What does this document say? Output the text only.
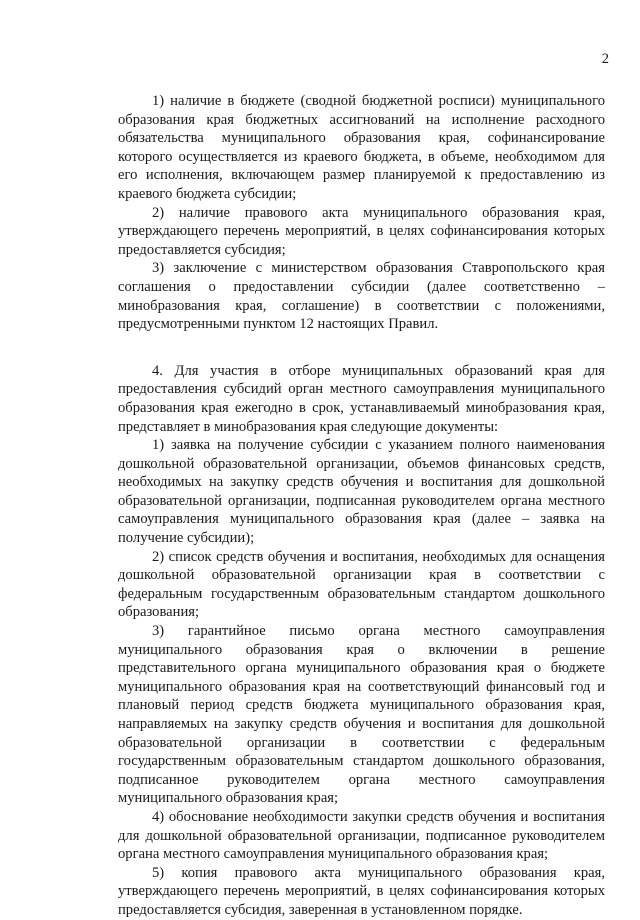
2

1) наличие в бюджете (сводной бюджетной росписи) муниципального образования края бюджетных ассигнований на исполнение расходного обязательства муниципального образования края, софинансирование которого осуществляется из краевого бюджета, в объеме, необходимом для его исполнения, включающем размер планируемой к предоставлению из краевого бюджета субсидии;

2) наличие правового акта муниципального образования края, утверждающего перечень мероприятий, в целях софинансирования которых предоставляется субсидия;

3) заключение с министерством образования Ставропольского края соглашения о предоставлении субсидии (далее соответственно – минобразования края, соглашение) в соответствии с положениями, предусмотренными пунктом 12 настоящих Правил.

4. Для участия в отборе муниципальных образований края для предоставления субсидий орган местного самоуправления муниципального образования края ежегодно в срок, устанавливаемый минобразования края, представляет в минобразования края следующие документы:

1) заявка на получение субсидии с указанием полного наименования дошкольной образовательной организации, объемов финансовых средств, необходимых на закупку средств обучения и воспитания для дошкольной образовательной организации, подписанная руководителем органа местного самоуправления муниципального образования края (далее – заявка на получение субсидии);

2) список средств обучения и воспитания, необходимых для оснащения дошкольной образовательной организации края в соответствии с федеральным государственным образовательным стандартом дошкольного образования;

3) гарантийное письмо органа местного самоуправления муниципального образования края о включении в решение представительного органа муниципального образования края о бюджете муниципального образования края на соответствующий финансовый год и плановый период средств бюджета муниципального образования края, направляемых на закупку средств обучения и воспитания для дошкольной образовательной организации в соответствии с федеральным государственным образовательным стандартом дошкольного образования, подписанное руководителем органа местного самоуправления муниципального образования края;

4) обоснование необходимости закупки средств обучения и воспитания для дошкольной образовательной организации, подписанное руководителем органа местного самоуправления муниципального образования края;

5) копия правового акта муниципального образования края, утверждающего перечень мероприятий, в целях софинансирования которых предоставляется субсидия, заверенная в установленном порядке.
